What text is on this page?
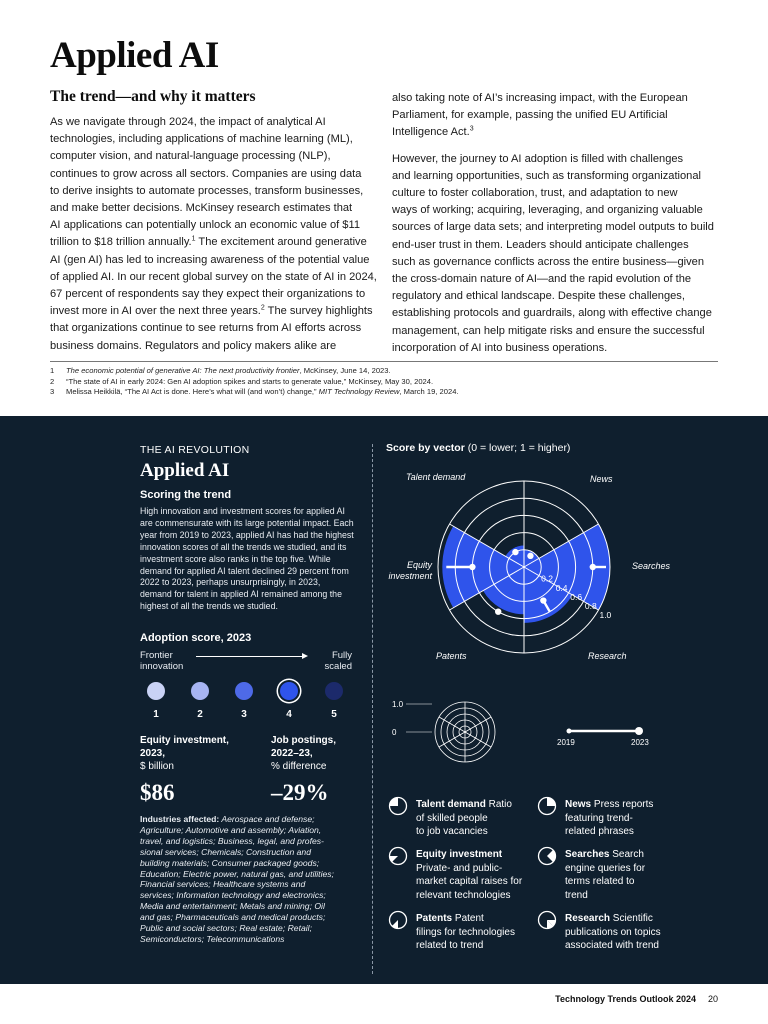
Applied AI
The trend—and why it matters

As we navigate through 2024, the impact of analytical AI

technologies, including applications of machine learning (ML),

computer vision, and natural-language processing (NLP),

continues to grow across all sectors. Companies are using data

to derive insights to automate processes, transform businesses,

and make better decisions. McKinsey research estimates that

AI applications can potentially unlock an economic value of $11

trillion to $18 trillion annually.$^1$ The excitement around generative

AI (gen AI) has led to increasing awareness of the potential value

of applied AI. In our recent global survey on the state of AI in 2024,

67 percent of respondents say they expect their organizations to

invest more in AI over the next three years.$^2$ The survey highlights

that organizations continue to see returns from AI efforts across

business domains. Regulators and policy makers alike are

also taking note of AI’s increasing impact, with the European

Parliament, for example, passing the unified EU Artificial

Intelligence Act.$^3$

However, the journey to AI adoption is filled with challenges

and learning opportunities, such as transforming organizational

culture to foster collaboration, trust, and adaptation to new

ways of working; acquiring, leveraging, and organizing valuable

sources of large data sets; and interpreting model outputs to build

end-user trust in them. Leaders should anticipate challenges

such as governance conflicts across the entire business—given

the cross-domain nature of AI—and the rapid evolution of the

regulatory and ethical landscape. Despite these challenges,

establishing protocols and guardrails, along with effective change

management, can help mitigate risks and ensure the successful

incorporation of AI into business operations.

1	The economic potential of generative AI: The next productivity frontier, McKinsey, June 14, 2023.
2	“The state of AI in early 2024: Gen AI adoption spikes and starts to generate value,” McKinsey, May 30, 2024.
3	Melissa Heikkilä, “The AI Act is done. Here’s what will (and won’t) change,” MIT Technology Review, March 19, 2024.
THE AI REVOLUTION
Applied AI
Scoring the trend

High innovation and investment scores for applied AI

are commensurate with its large potential impact. Each

year from 2019 to 2023, applied AI has had the highest

innovation scores of all the trends we studied, and its

investment score also ranks in the top five. While

demand for applied AI talent declined 29 percent from

2022 to 2023, perhaps unsurprisingly, in 2023,

demand for talent in applied AI remained among the

highest of all the trends we studied.

Adoption score, 2023
Frontier
innovation
Fully
scaled
1	2	3	4	5
Equity investment,
2023,
$ billion
$86
Job postings,
2022–23,
% difference
–29%

Industries affected: Aerospace and defense;

Agriculture; Automotive and assembly; Aviation,

travel, and logistics; Business, legal, and profes-

sional services; Chemicals; Construction and

building materials; Consumer packaged goods;

Education; Electric power, natural gas, and utilities;

Financial services; Healthcare systems and

services; Information technology and electronics;

Media and entertainment; Metals and mining; Oil

and gas; Pharmaceuticals and medical products;

Public and social sectors; Real estate; Retail;

Semiconductors; Telecommunications

Score by vector (0 = lower; 1 = higher)
0.2
0.4
0.6
0.8
1.0
Talent demand	News
Searches
Research
Patents
Equity investment
1.0
0
2019	2023
Talent demand Ratio
of skilled people
to job vacancies
Equity investment
Private- and public-
market capital raises for
relevant technologies
Patents Patent
filings for technologies
related to trend
News Press reports
featuring trend-
related phrases
Searches Search
engine queries for
terms related to
trend
Research Scientific
publications on topics
associated with trend
Technology Trends Outlook 2024 20
